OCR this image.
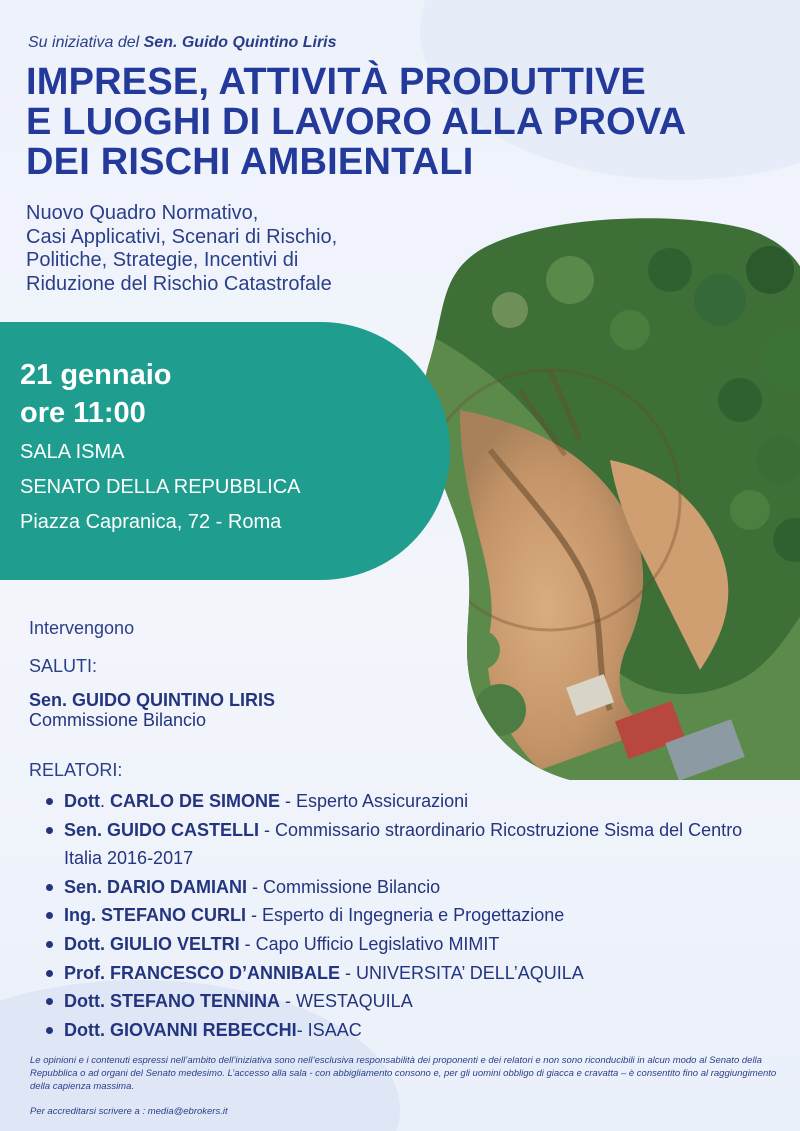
Su iniziativa del Sen. Guido Quintino Liris
IMPRESE, ATTIVITÀ PRODUTTIVE
E LUOGHI DI LAVORO ALLA PROVA
DEI RISCHI AMBIENTALI
Nuovo Quadro Normativo,
Casi Applicativi, Scenari di Rischio,
Politiche, Strategie, Incentivi di
Riduzione del Rischio Catastrofale
21 gennaio
ore 11:00
SALA ISMA
SENATO DELLA REPUBBLICA
Piazza Capranica, 72 - Roma
Intervengono
SALUTI:
Sen. GUIDO QUINTINO LIRIS
Commissione Bilancio
RELATORI:
Dott. CARLO DE SIMONE - Esperto Assicurazioni
Sen. GUIDO CASTELLI - Commissario straordinario Ricostruzione Sisma del Centro Italia 2016-2017
Sen. DARIO DAMIANI - Commissione Bilancio
Ing. STEFANO CURLI - Esperto di Ingegneria e Progettazione
Dott. GIULIO VELTRI - Capo Ufficio Legislativo MIMIT
Prof. FRANCESCO D’ANNIBALE - UNIVERSITA’ DELL’AQUILA
Dott. STEFANO TENNINA - WESTAQUILA
Dott. GIOVANNI REBECCHI- ISAAC
Le opinioni e i contenuti espressi nell’ambito dell’iniziativa sono nell’esclusiva responsabilità dei proponenti e dei relatori e non sono riconducibili in alcun modo al Senato della Repubblica o ad organi del Senato medesimo. L’accesso alla sala - con abbigliamento consono e, per gli uomini obbligo di giacca e cravatta – è consentito fino al raggiungimento della capienza massima.
Per accreditarsi scrivere a : media@ebrokers.it
